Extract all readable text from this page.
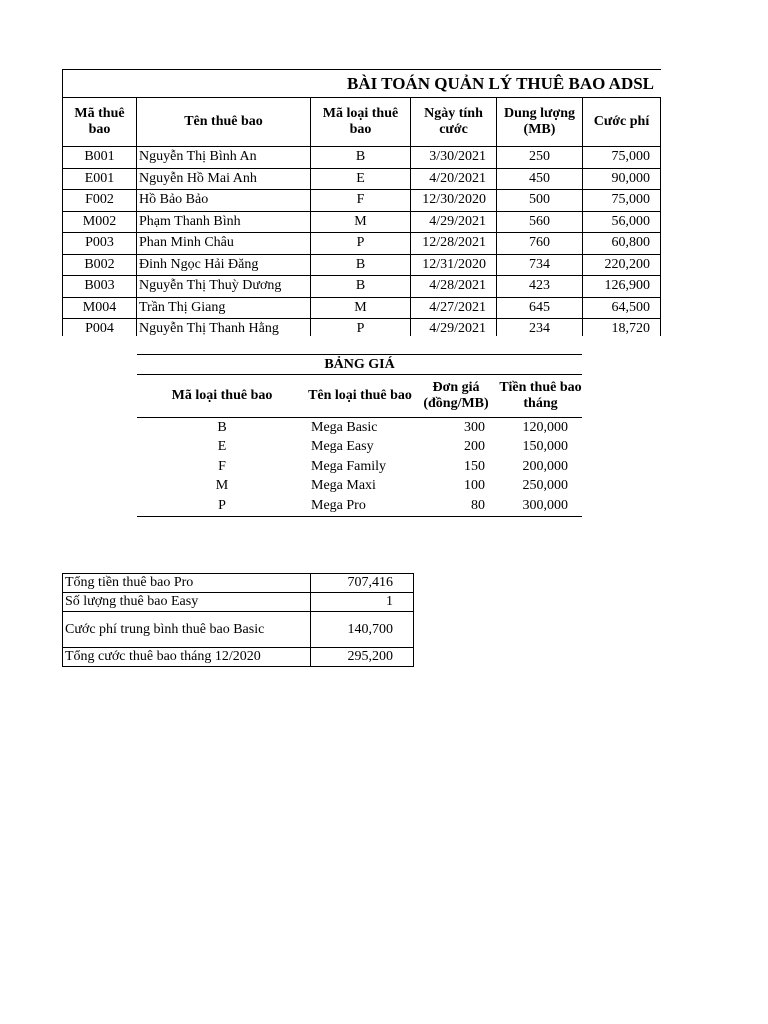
BÀI TOÁN QUẢN LÝ THUÊ BAO ADSL					
Mã thuê bao	Tên thuê bao	Mã loại thuê bao	Ngày tính cước	Dung lượng (MB)	Cước phí
B001	Nguyễn Thị Bình An	B	3/30/2021	250	75,000
E001	Nguyễn Hồ Mai Anh	E	4/20/2021	450	90,000
F002	Hồ Bảo Bảo	F	12/30/2020	500	75,000
M002	Phạm Thanh Bình	M	4/29/2021	560	56,000
P003	Phan Minh Châu	P	12/28/2021	760	60,800
B002	Đinh Ngọc Hải Đăng	B	12/31/2020	734	220,200
B003	Nguyễn Thị Thuỳ Dương	B	4/28/2021	423	126,900
M004	Trần Thị Giang	M	4/27/2021	645	64,500
P004	Nguyễn Thị Thanh Hằng	P	4/29/2021	234	18,720
BẢNG GIÁ			
Mã loại thuê bao	Tên loại thuê bao	Đơn giá (đồng/MB)	Tiền thuê bao tháng
B	Mega Basic	300	120,000
E	Mega Easy	200	150,000
F	Mega Family	150	200,000
M	Mega Maxi	100	250,000
P	Mega Pro	80	300,000
Tổng tiền thuê bao Pro	707,416
Số lượng thuê bao Easy	1
Cước phí trung bình thuê bao Basic	140,700
Tổng cước thuê bao tháng 12/2020	295,200
